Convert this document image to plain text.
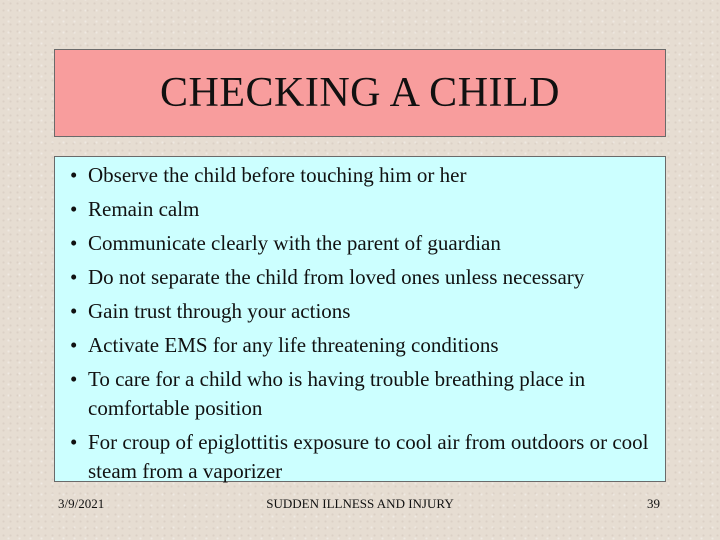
CHECKING A CHILD
• Observe the child before touching him or her
• Remain calm
• Communicate clearly with the parent of guardian
• Do not separate the child from loved ones unless necessary
• Gain trust through your actions
• Activate EMS for any life threatening conditions
• To care for a child who is having trouble breathing place in comfortable position
• For croup of epiglottitis exposure to cool air from outdoors or cool steam from a vaporizer
3/9/2021	SUDDEN ILLNESS AND INJURY	39
